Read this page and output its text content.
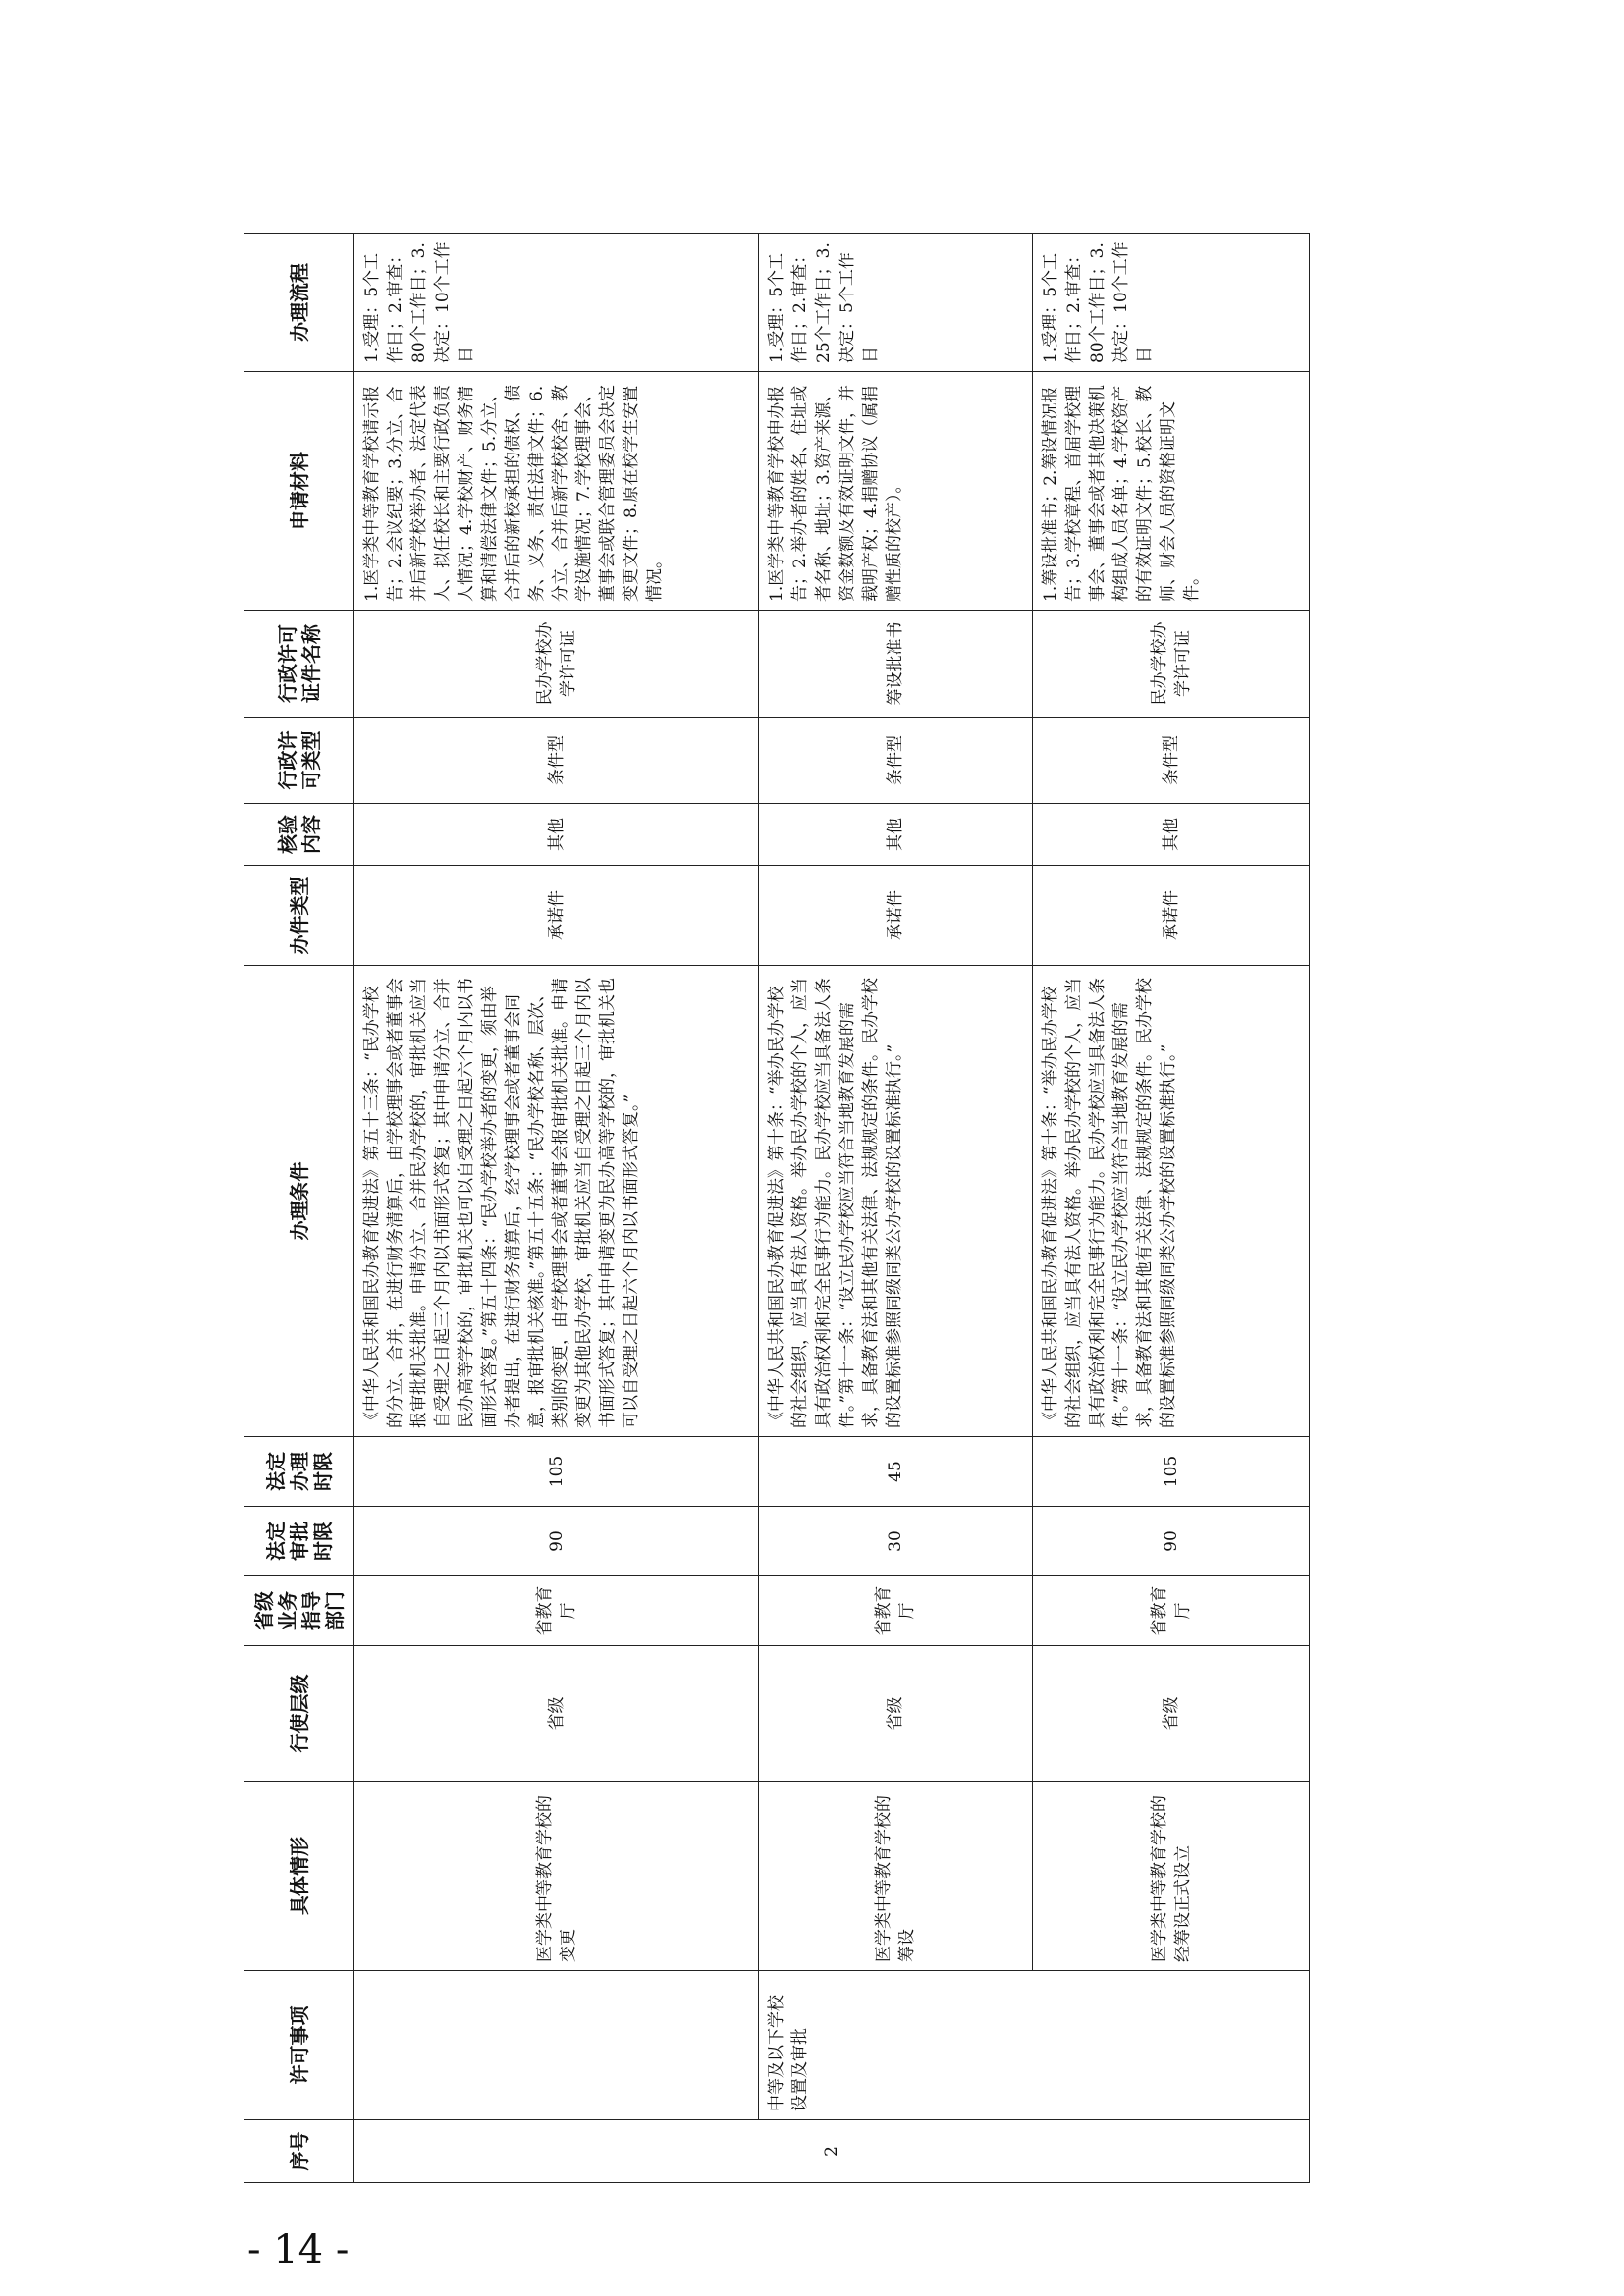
序号	许可事项	具体情形	行使层级	省级业务指导部门	法定审批时限	法定办理时限	办理条件	办件类型	核验内容	行政许可类型	行政许可证件名称	申请材料	办理流程
2		医学类中等教育学校的变更	省级	省教育厅	90	105	《中华人民共和国民办教育促进法》第五十三条：“民办学校的分立、合并，在进行财务清算后，由学校理事会或者董事会报审批机关批准。申请分立、合并民办学校的，审批机关应当自受理之日起三个月内以书面形式答复；其中申请分立、合并民办高等学校的，审批机关也可以自受理之日起六个月内以书面形式答复。”第五十四条：“民办学校举办者的变更，须由举办者提出，在进行财务清算后，经学校理事会或者董事会同意，报审批机关核准。”第五十五条：“民办学校名称、层次、类别的变更，由学校理事会或者董事会报审批机关批准。申请变更为其他民办学校，审批机关应当自受理之日起三个月内以书面形式答复；其中申请变更为民办高等学校的，审批机关也可以自受理之日起六个月内以书面形式答复。”	承诺件	其他	条件型	民办学校办学许可证	1.医学类中等教育学校请示报告；2.会议纪要；3.分立、合并后新学校举办者、法定代表人、拟任校长和主要行政负责人情况；4.学校财产、财务清算和清偿法律文件；5.分立、合并后的新校承担的债权、债务、义务、责任法律文件；6.分立、合并后新学校校舍、教学设施情况；7.学校理事会、董事会或联合管理委员会决定变更文件；8.原在校学生安置情况。	1.受理：5个工作日；2.审查：80个工作日；3.决定：10个工作日
	中等及以下学校设置及审批	医学类中等教育学校的筹设	省级	省教育厅	30	45	《中华人民共和国民办教育促进法》第十条：“举办民办学校的社会组织，应当具有法人资格。举办民办学校的个人，应当具有政治权利和完全民事行为能力。民办学校应当具备法人条件。”第十一条：“设立民办学校应当符合当地教育发展的需求，具备教育法和其他有关法律、法规规定的条件。民办学校的设置标准参照同级同类公办学校的设置标准执行。”	承诺件	其他	条件型	筹设批准书	1.医学类中等教育学校申办报告；2.举办者的姓名、住址或者名称、地址；3.资产来源、资金数额及有效证明文件，并载明产权；4.捐赠协议（属捐赠性质的校产）。	1.受理：5个工作日；2.审查：25个工作日；3.决定：5个工作日
		医学类中等教育学校的经筹设正式设立	省级	省教育厅	90	105	《中华人民共和国民办教育促进法》第十条：“举办民办学校的社会组织，应当具有法人资格。举办民办学校的个人，应当具有政治权利和完全民事行为能力。民办学校应当具备法人条件。”第十一条：“设立民办学校应当符合当地教育发展的需求，具备教育法和其他有关法律、法规规定的条件。民办学校的设置标准参照同级同类公办学校的设置标准执行。”	承诺件	其他	条件型	民办学校办学许可证	1.筹设批准书；2.筹设情况报告；3.学校章程、首届学校理事会、董事会或者其他决策机构组成人员名单；4.学校资产的有效证明文件；5.校长、教师、财会人员的资格证明文件。	1.受理：5个工作日；2.审查：80个工作日；3.决定：10个工作日
- 14 -
